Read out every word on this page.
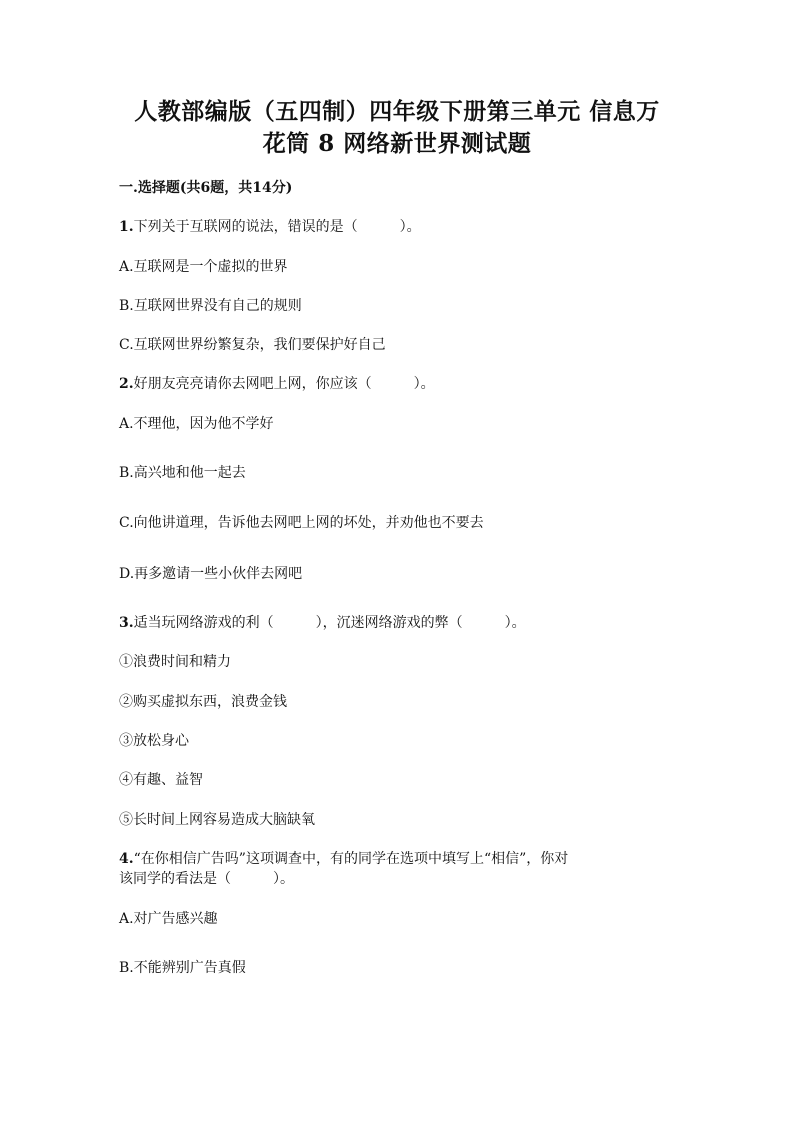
人教部编版（五四制）四年级下册第三单元 信息万
花筒 8 网络新世界测试题
一.选择题(共6题，共14分)
1.下列关于互联网的说法，错误的是（　　　）。
A.互联网是一个虚拟的世界
B.互联网世界没有自己的规则
C.互联网世界纷繁复杂，我们要保护好自己
2.好朋友亮亮请你去网吧上网，你应该（　　　）。
A.不理他，因为他不学好
B.高兴地和他一起去
C.向他讲道理，告诉他去网吧上网的坏处，并劝他也不要去
D.再多邀请一些小伙伴去网吧
3.适当玩网络游戏的利（　　　），沉迷网络游戏的弊（　　　）。
①浪费时间和精力
②购买虚拟东西，浪费金钱
③放松身心
④有趣、益智
⑤长时间上网容易造成大脑缺氧
4.“在你相信广告吗”这项调查中，有的同学在选项中填写上“相信”，你对
该同学的看法是（　　　）。
A.对广告感兴趣
B.不能辨别广告真假
